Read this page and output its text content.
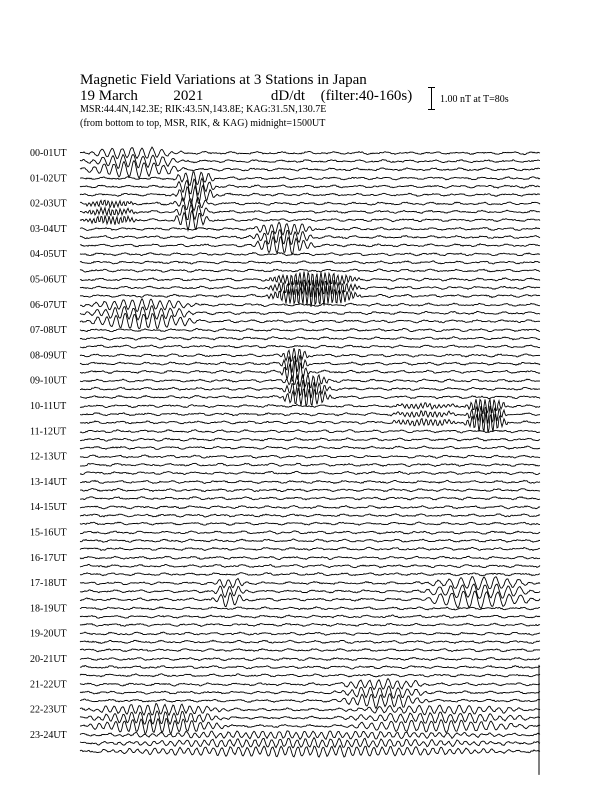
Magnetic Field Variations at 3 Stations in Japan
19 March 2021	dD/dt (filter:40-160s)
MSR:44.4N,142.3E; RIK:43.5N,143.8E; KAG:31.5N,130.7E
(from bottom to top, MSR, RIK, & KAG) midnight=1500UT
1.00 nT at T=80s
00-01UT
01-02UT
02-03UT
03-04UT
04-05UT
05-06UT
06-07UT
07-08UT
08-09UT
09-10UT
10-11UT
11-12UT
12-13UT
13-14UT
14-15UT
15-16UT
16-17UT
17-18UT
18-19UT
19-20UT
20-21UT
21-22UT
22-23UT
23-24UT
